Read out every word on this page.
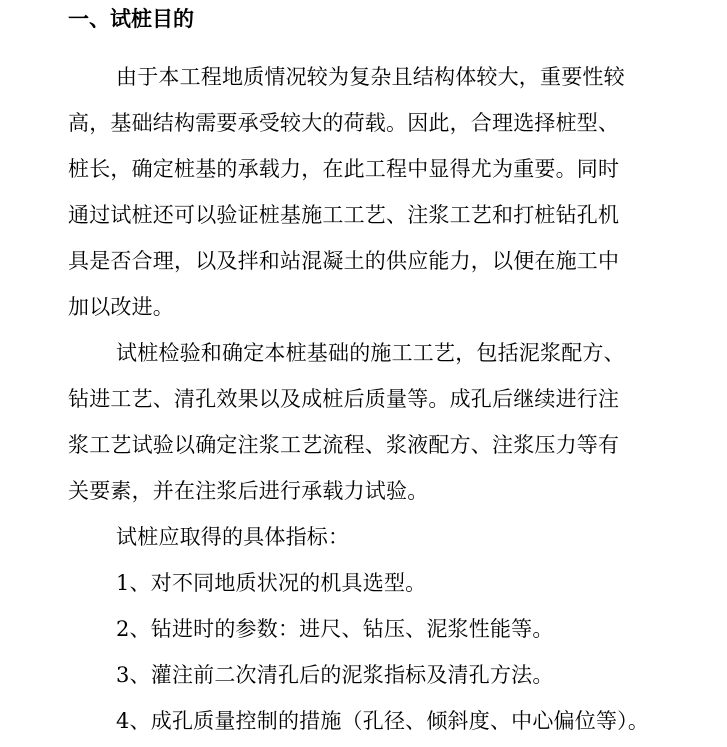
一、试桩目的
由于本工程地质情况较为复杂且结构体较大，重要性较
高，基础结构需要承受较大的荷载。因此，合理选择桩型、
桩长，确定桩基的承载力，在此工程中显得尤为重要。同时
通过试桩还可以验证桩基施工工艺、注浆工艺和打桩钻孔机
具是否合理，以及拌和站混凝土的供应能力，以便在施工中
加以改进。
试桩检验和确定本桩基础的施工工艺，包括泥浆配方、
钻进工艺、清孔效果以及成桩后质量等。成孔后继续进行注
浆工艺试验以确定注浆工艺流程、浆液配方、注浆压力等有
关要素，并在注浆后进行承载力试验。
试桩应取得的具体指标：
1、对不同地质状况的机具选型。
2、钻进时的参数：进尺、钻压、泥浆性能等。
3、灌注前二次清孔后的泥浆指标及清孔方法。
4、成孔质量控制的措施（孔径、倾斜度、中心偏位等）。
